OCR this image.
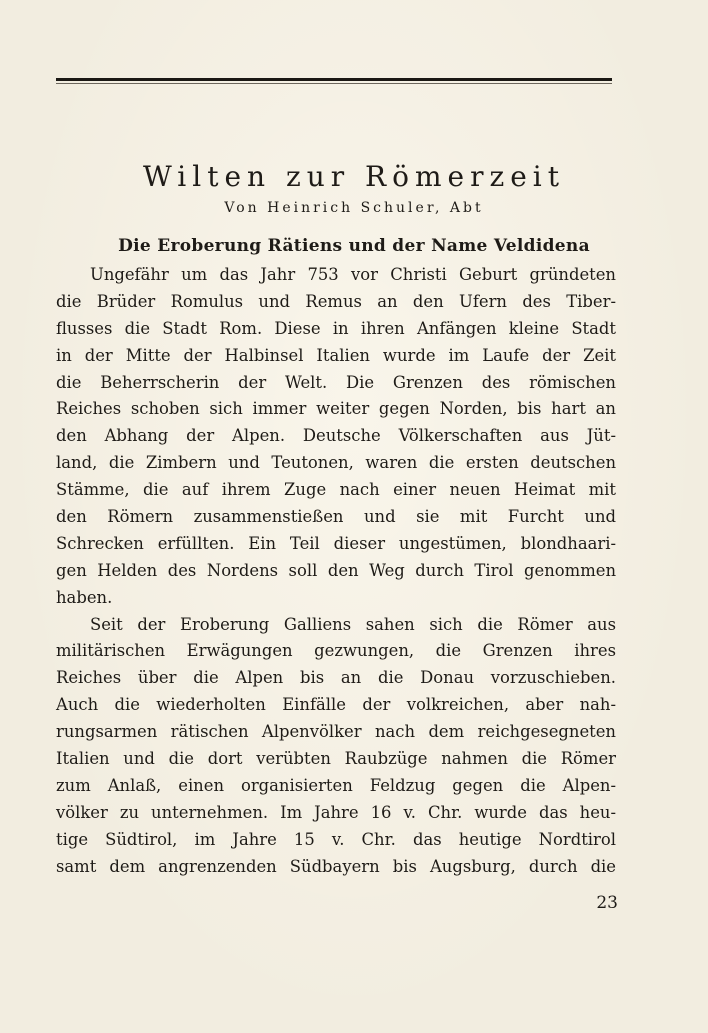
Wilten zur Römerzeit
Von Heinrich Schuler, Abt
Die Eroberung Rätiens und der Name Veldidena
Ungefähr um das Jahr 753 vor Christi Geburt gründeten
die Brüder Romulus und Remus an den Ufern des Tiber-
flusses die Stadt Rom. Diese in ihren Anfängen kleine Stadt
in der Mitte der Halbinsel Italien wurde im Laufe der Zeit
die Beherrscherin der Welt. Die Grenzen des römischen
Reiches schoben sich immer weiter gegen Norden, bis hart an
den Abhang der Alpen. Deutsche Völkerschaften aus Jüt-
land, die Zimbern und Teutonen, waren die ersten deutschen
Stämme, die auf ihrem Zuge nach einer neuen Heimat mit
den Römern zusammenstießen und sie mit Furcht und
Schrecken erfüllten. Ein Teil dieser ungestümen, blondhaari-
gen Helden des Nordens soll den Weg durch Tirol genommen
haben.
Seit der Eroberung Galliens sahen sich die Römer aus
militärischen Erwägungen gezwungen, die Grenzen ihres
Reiches über die Alpen bis an die Donau vorzuschieben.
Auch die wiederholten Einfälle der volkreichen, aber nah-
rungsarmen rätischen Alpenvölker nach dem reichgesegneten
Italien und die dort verübten Raubzüge nahmen die Römer
zum Anlaß, einen organisierten Feldzug gegen die Alpen-
völker zu unternehmen. Im Jahre 16 v. Chr. wurde das heu-
tige Südtirol, im Jahre 15 v. Chr. das heutige Nordtirol
samt dem angrenzenden Südbayern bis Augsburg, durch die
23
